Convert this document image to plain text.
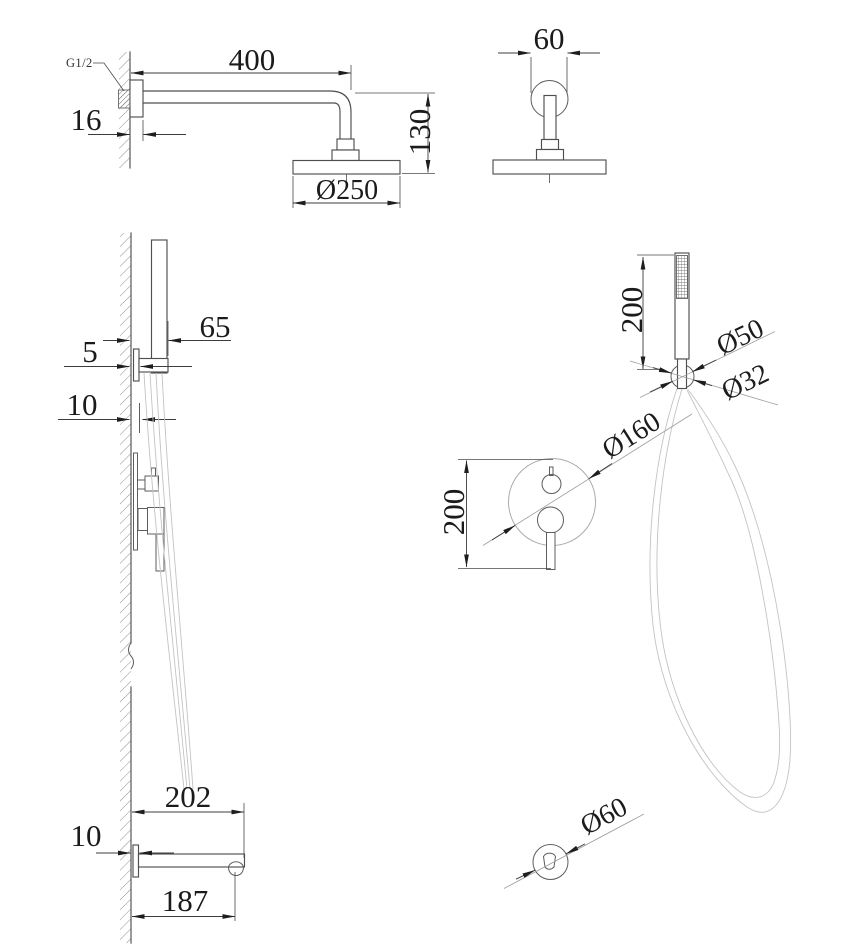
G1/2	400
16	130
Ø250
60
65
5
10
202
10
187
200
Ø50
Ø32
200
Ø160
Ø60
